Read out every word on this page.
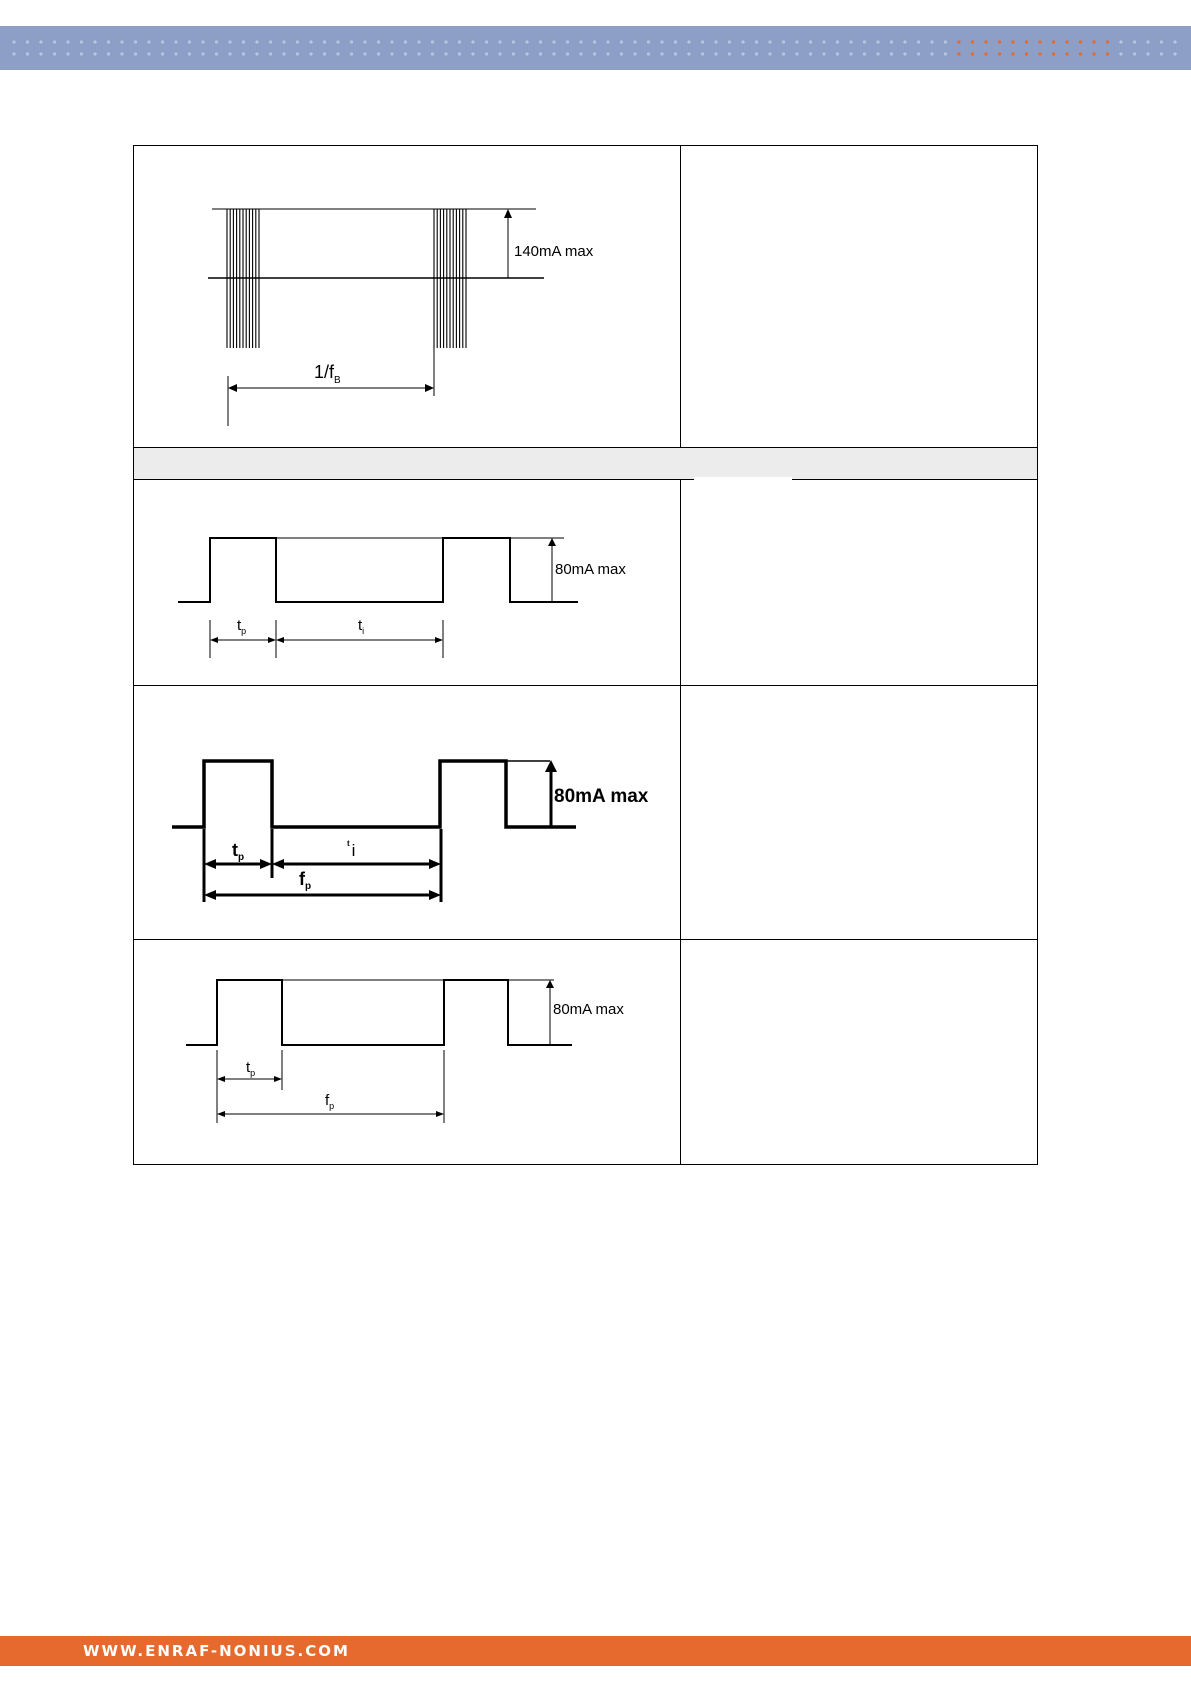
140mA max
$1/f_B$
80mA max
$t_p$	$t_i$
80mA max
$t_p$
t i
$f_p$
80mA max
$t_p$
$f_p$
WWW.ENRAF-NONIUS.COM
